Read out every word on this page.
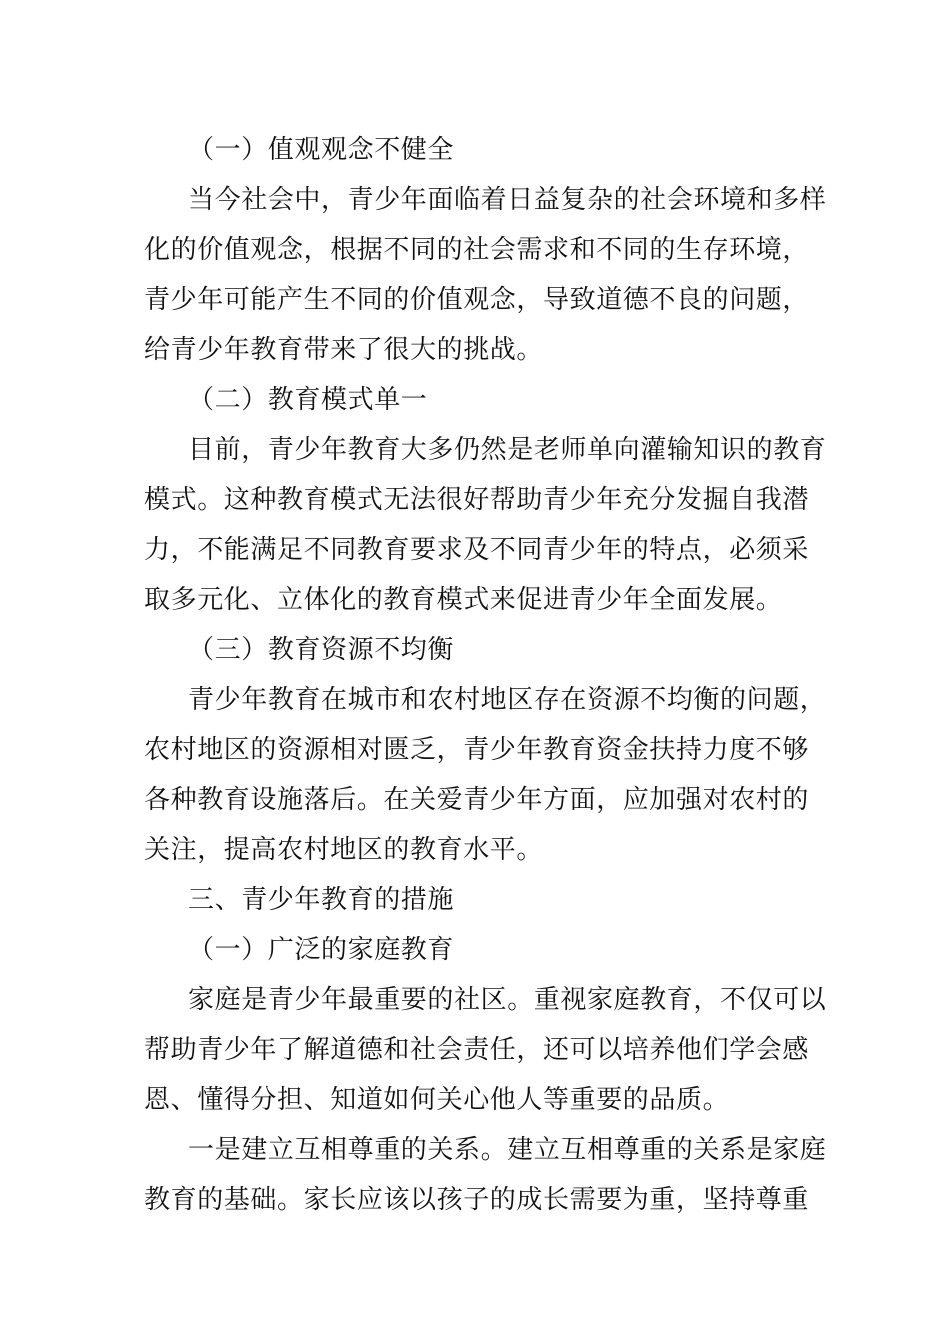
（一）值观观念不健全
当今社会中，青少年面临着日益复杂的社会环境和多样
化的价值观念，根据不同的社会需求和不同的生存环境，
青少年可能产生不同的价值观念，导致道德不良的问题，
给青少年教育带来了很大的挑战。
（二）教育模式单一
目前，青少年教育大多仍然是老师单向灌输知识的教育
模式。这种教育模式无法很好帮助青少年充分发掘自我潜
力，不能满足不同教育要求及不同青少年的特点，必须采
取多元化、立体化的教育模式来促进青少年全面发展。
（三）教育资源不均衡
青少年教育在城市和农村地区存在资源不均衡的问题，
农村地区的资源相对匮乏，青少年教育资金扶持力度不够
各种教育设施落后。在关爱青少年方面，应加强对农村的
关注，提高农村地区的教育水平。
三、青少年教育的措施
（一）广泛的家庭教育
家庭是青少年最重要的社区。重视家庭教育，不仅可以
帮助青少年了解道德和社会责任，还可以培养他们学会感
恩、懂得分担、知道如何关心他人等重要的品质。
一是建立互相尊重的关系。建立互相尊重的关系是家庭
教育的基础。家长应该以孩子的成长需要为重，坚持尊重
